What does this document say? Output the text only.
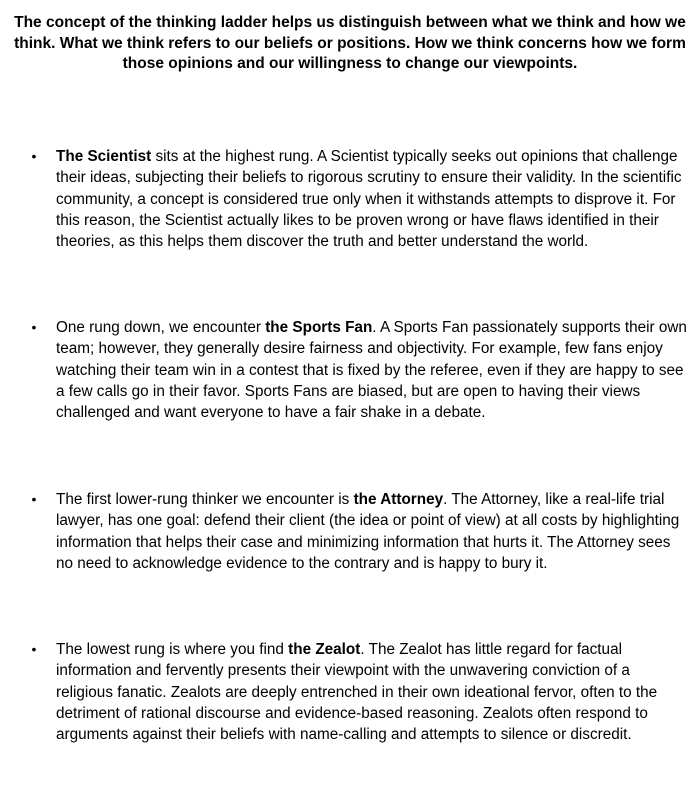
The concept of the thinking ladder helps us distinguish between what we think and how we think. What we think refers to our beliefs or positions. How we think concerns how we form those opinions and our willingness to change our viewpoints.
• The Scientist sits at the highest rung. A Scientist typically seeks out opinions that challenge their ideas, subjecting their beliefs to rigorous scrutiny to ensure their validity. In the scientific community, a concept is considered true only when it withstands attempts to disprove it. For this reason, the Scientist actually likes to be proven wrong or have flaws identified in their theories, as this helps them discover the truth and better understand the world.
• One rung down, we encounter the Sports Fan. A Sports Fan passionately supports their own team; however, they generally desire fairness and objectivity. For example, few fans enjoy watching their team win in a contest that is fixed by the referee, even if they are happy to see a few calls go in their favor. Sports Fans are biased, but are open to having their views challenged and want everyone to have a fair shake in a debate.
• The first lower-rung thinker we encounter is the Attorney. The Attorney, like a real-life trial lawyer, has one goal: defend their client (the idea or point of view) at all costs by highlighting information that helps their case and minimizing information that hurts it. The Attorney sees no need to acknowledge evidence to the contrary and is happy to bury it.
• The lowest rung is where you find the Zealot. The Zealot has little regard for factual information and fervently presents their viewpoint with the unwavering conviction of a religious fanatic. Zealots are deeply entrenched in their own ideational fervor, often to the detriment of rational discourse and evidence-based reasoning. Zealots often respond to arguments against their beliefs with name-calling and attempts to silence or discredit.
